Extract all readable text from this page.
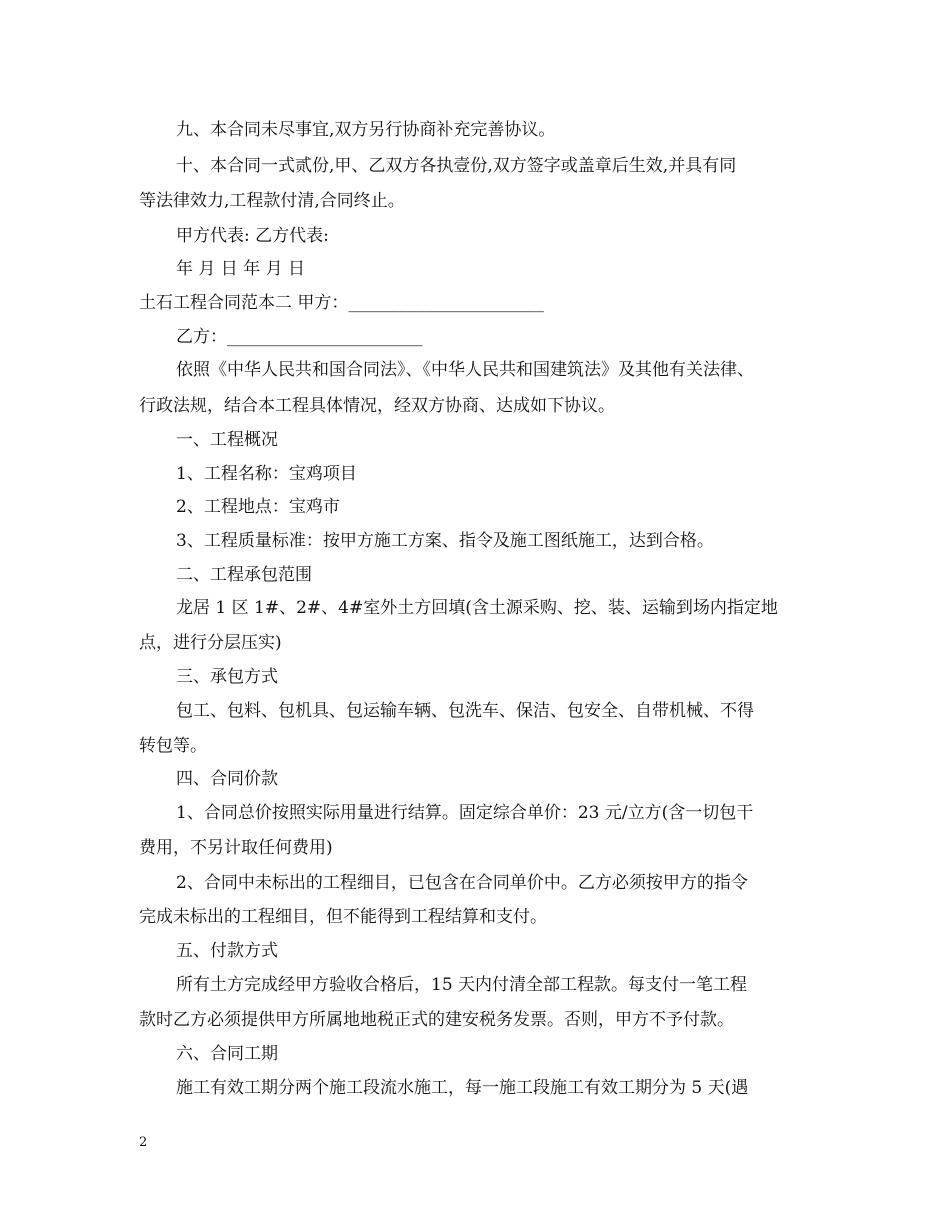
九、本合同未尽事宜,双方另行协商补充完善协议。
十、本合同一式贰份,甲、乙双方各执壹份,双方签字或盖章后生效,并具有同
等法律效力,工程款付清,合同终止。
甲方代表: 乙方代表:
年 月 日 年 月 日
土石工程合同范本二 甲方：_______________________
乙方：_______________________
依照《中华人民共和国合同法》、《中华人民共和国建筑法》及其他有关法律、
行政法规，结合本工程具体情况，经双方协商、达成如下协议。
一、工程概况
1、工程名称：宝鸡项目
2、工程地点：宝鸡市
3、工程质量标准：按甲方施工方案、指令及施工图纸施工，达到合格。
二、工程承包范围
龙居 1 区 1#、2#、4#室外土方回填(含土源采购、挖、装、运输到场内指定地
点，进行分层压实)
三、承包方式
包工、包料、包机具、包运输车辆、包洗车、保洁、包安全、自带机械、不得
转包等。
四、合同价款
1、合同总价按照实际用量进行结算。固定综合单价：23 元/立方(含一切包干
费用，不另计取任何费用)
2、合同中未标出的工程细目，已包含在合同单价中。乙方必须按甲方的指令
完成未标出的工程细目，但不能得到工程结算和支付。
五、付款方式
所有土方完成经甲方验收合格后，15 天内付清全部工程款。每支付一笔工程
款时乙方必须提供甲方所属地地税正式的建安税务发票。否则，甲方不予付款。
六、合同工期
施工有效工期分两个施工段流水施工，每一施工段施工有效工期分为 5 天(遇
2
